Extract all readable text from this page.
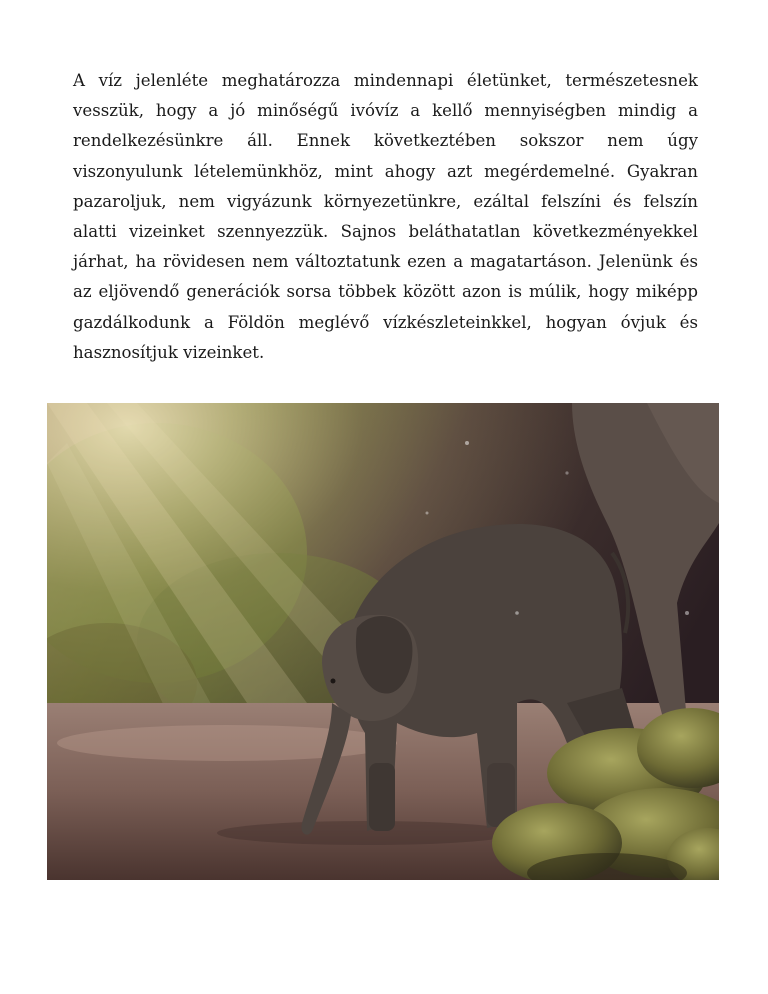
A víz jelenléte meghatározza mindennapi életünket, természetesnek vesszük, hogy a jó minőségű ivóvíz a kellő mennyiségben mindig a rendelkezésünkre áll. Ennek következtében sokszor nem úgy viszonyulunk lételemünkhöz, mint ahogy azt megérdemelné. Gyakran pazaroljuk, nem vigyázunk környezetünkre, ezáltal felszíni és felszín alatti vizeinket szennyezzük. Sajnos beláthatatlan következményekkel járhat, ha rövidesen nem változtatunk ezen a magatartáson. Jelenünk és az eljövendő generációk sorsa többek között azon is múlik, hogy miképp gazdálkodunk a Földön meglévő vízkészleteinkkel, hogyan óvjuk és hasznosítjuk vizeinket.
